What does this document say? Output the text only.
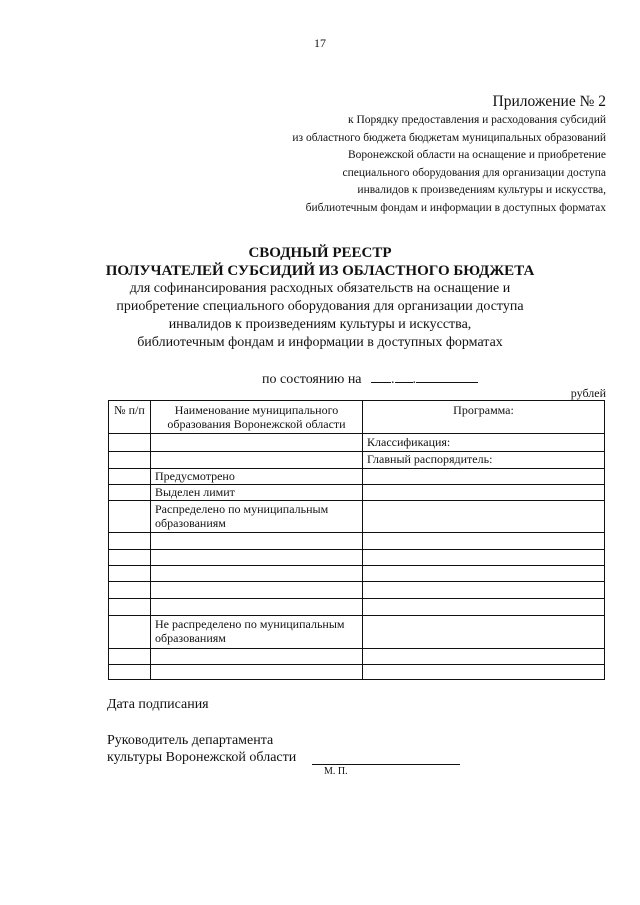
17
Приложение № 2
к Порядку предоставления и расходования субсидий
из областного бюджета бюджетам муниципальных образований
Воронежской области на оснащение и приобретение
специального оборудования для организации доступа
инвалидов к произведениям культуры и искусства,
библиотечным фондам и информации в доступных форматах
СВОДНЫЙ РЕЕСТР
ПОЛУЧАТЕЛЕЙ СУБСИДИЙ ИЗ ОБЛАСТНОГО БЮДЖЕТА
для софинансирования расходных обязательств на оснащение и
приобретение специального оборудования для организации доступа
инвалидов к произведениям культуры и искусства,
библиотечным фондам и информации в доступных форматах
по состоянию на . .
рублей
№ п/п	Наименование муниципального образования Воронежской области
Программа:
Классификация:
Главный распорядитель:
Предусмотрено
Выделен лимит
Распределено по муниципальным образованиям
Не распределено по муниципальным образованиям
Дата подписания
Руководитель департамента
культуры Воронежской области
М. П.
